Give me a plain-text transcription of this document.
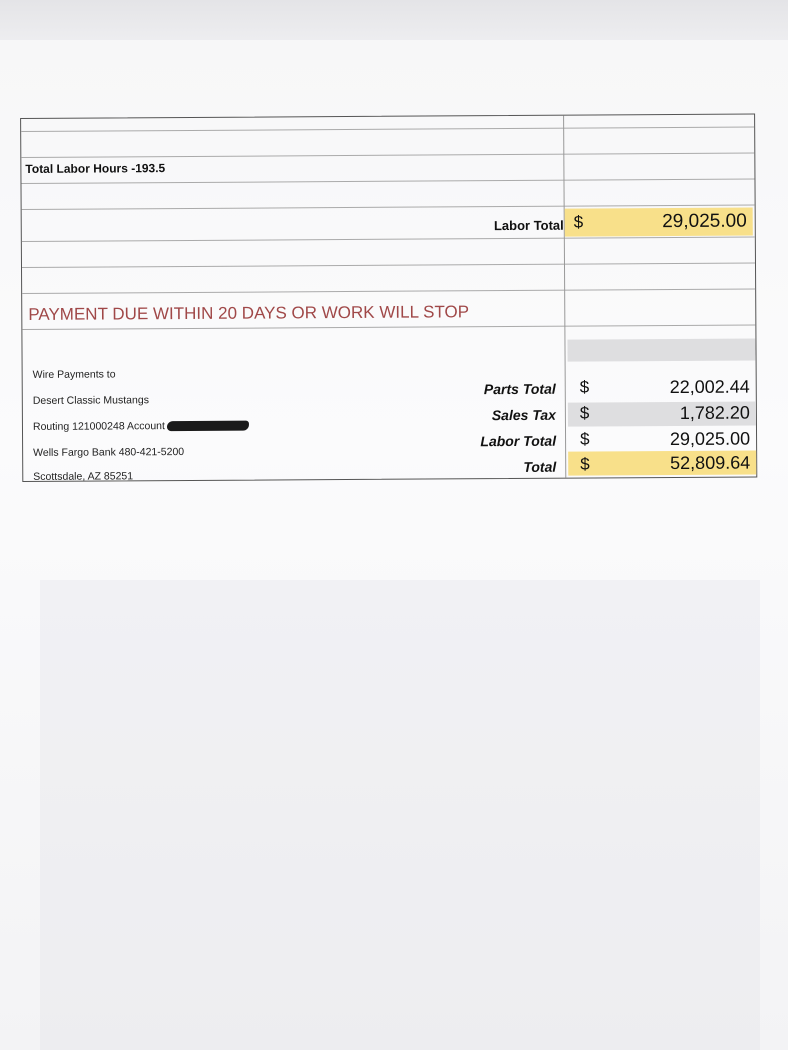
Total Labor Hours -193.5
Labor Total $	29,025.00
PAYMENT DUE WITHIN 20 DAYS OR WORK WILL STOP
Wire Payments to
Desert Classic Mustangs
Routing 121000248 Account
Wells Fargo Bank 480-421-5200
Scottsdale, AZ 85251
Parts Total $	22,002.44
Sales Tax $	1,782.20
Labor Total $	29,025.00
Total $	52,809.64
